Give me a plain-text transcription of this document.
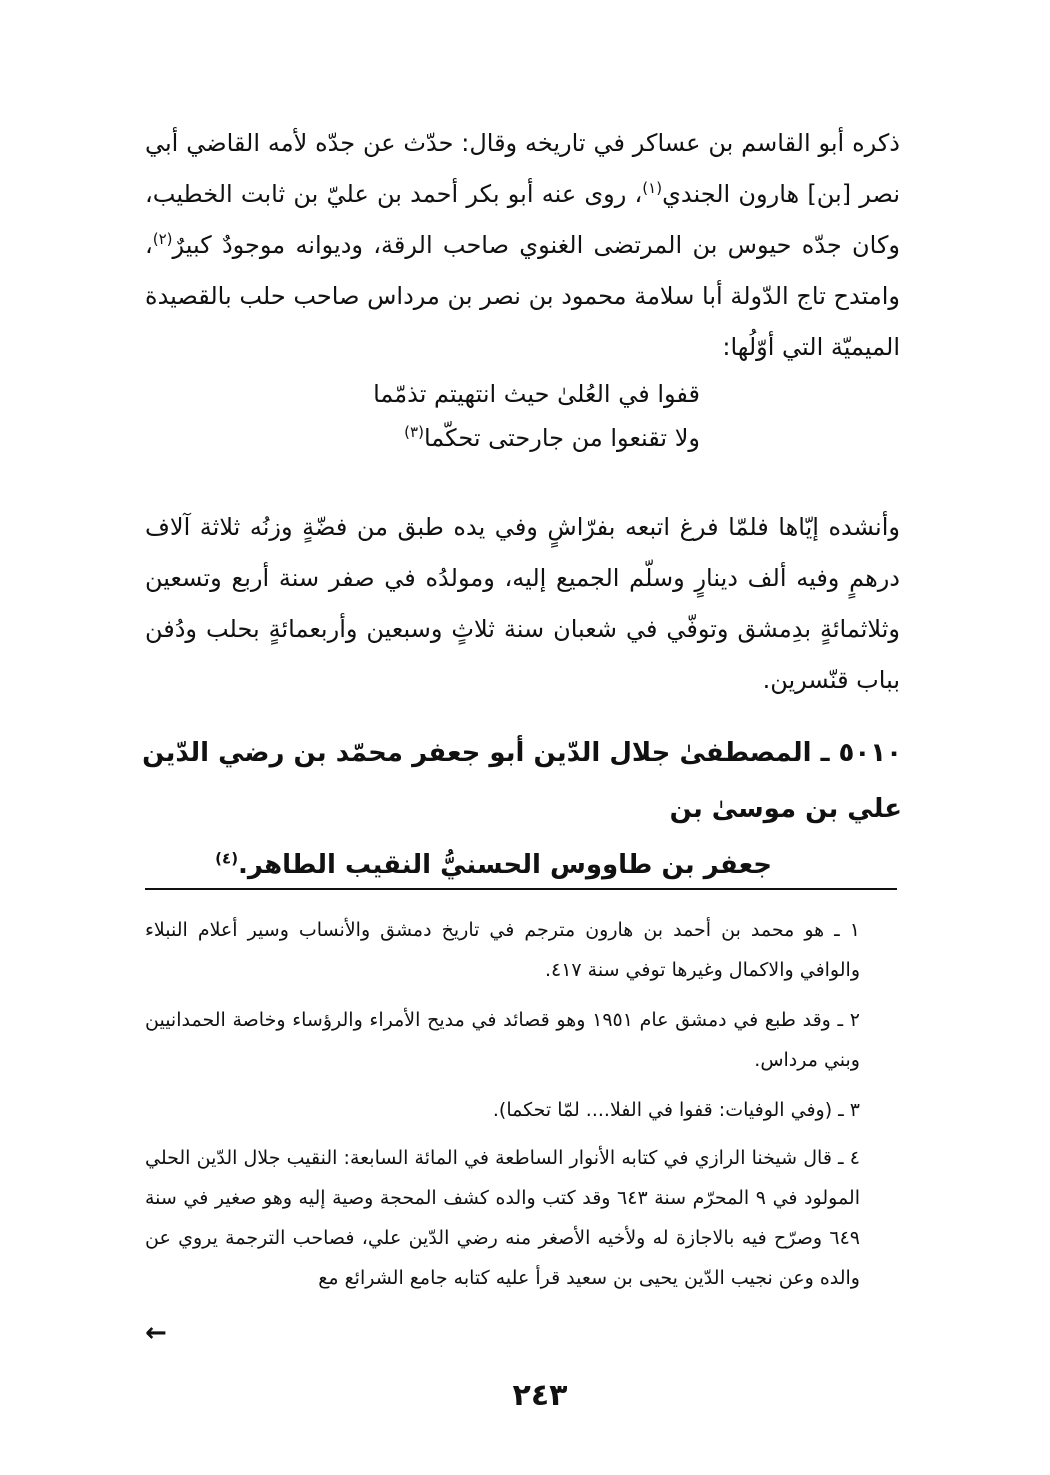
ذكره أبو القاسم بن عساكر في تاريخه وقال: حدّث عن جدّه لأمه القاضي أبي نصر [بن] هارون الجندي$^{(١)}$، روى عنه أبو بكر أحمد بن عليّ بن ثابت الخطيب، وكان جدّه حيوس بن المرتضى الغنوي صاحب الرقة، وديوانه موجودٌ كبيرٌ$^{(٢)}$، وامتدح تاج الدّولة أبا سلامة محمود بن نصر بن مرداس صاحب حلب بالقصيدة الميميّة التي أوّلُها:

قفوا في العُلىٰ حيث انتهيتم تذمّما
ولا تقنعوا من جارحتى تحكّما$^{(٣)}$

وأنشده إيّاها فلمّا فرغ اتبعه بفرّاشٍ وفي يده طبق من فضّةٍ وزنُه ثلاثة آلاف درهمٍ وفيه ألف دينارٍ وسلّم الجميع إليه، ومولدُه في صفر سنة أربع وتسعين وثلاثمائةٍ بدِمشق وتوفّي في شعبان سنة ثلاثٍ وسبعين وأربعمائةٍ بحلب ودُفن بباب قنّسرين.

٥٠١٠ ـ المصطفىٰ جلال الدّين أبو جعفر محمّد بن رضي الدّين علي بن موسىٰ بن
جعفر بن طاووس الحسنيُّ النقيب الطاهر.$^{(٤)}$

١ ـ هو محمد بن أحمد بن هارون مترجم في تاريخ دمشق والأنساب وسير أعلام النبلاء والوافي والاكمال وغيرها توفي سنة ٤١٧.

٢ ـ وقد طبع في دمشق عام ١٩٥١ وهو قصائد في مديح الأمراء والرؤساء وخاصة الحمدانيين وبني مرداس.

٣ ـ (وفي الوفيات: قفوا في الفلا.... لمّا تحكما).

٤ ـ قال شيخنا الرازي في كتابه الأنوار الساطعة في المائة السابعة: النقيب جلال الدّين الحلي المولود في ٩ المحرّم سنة ٦٤٣ وقد كتب والده كشف المحجة وصية إليه وهو صغير في سنة ٦٤٩ وصرّح فيه بالاجازة له ولأخيه الأصغر منه رضي الدّين علي، فصاحب الترجمة يروي عن والده وعن نجيب الدّين يحيى بن سعيد قرأ عليه كتابه جامع الشرائع مع

←
٢٤٣
